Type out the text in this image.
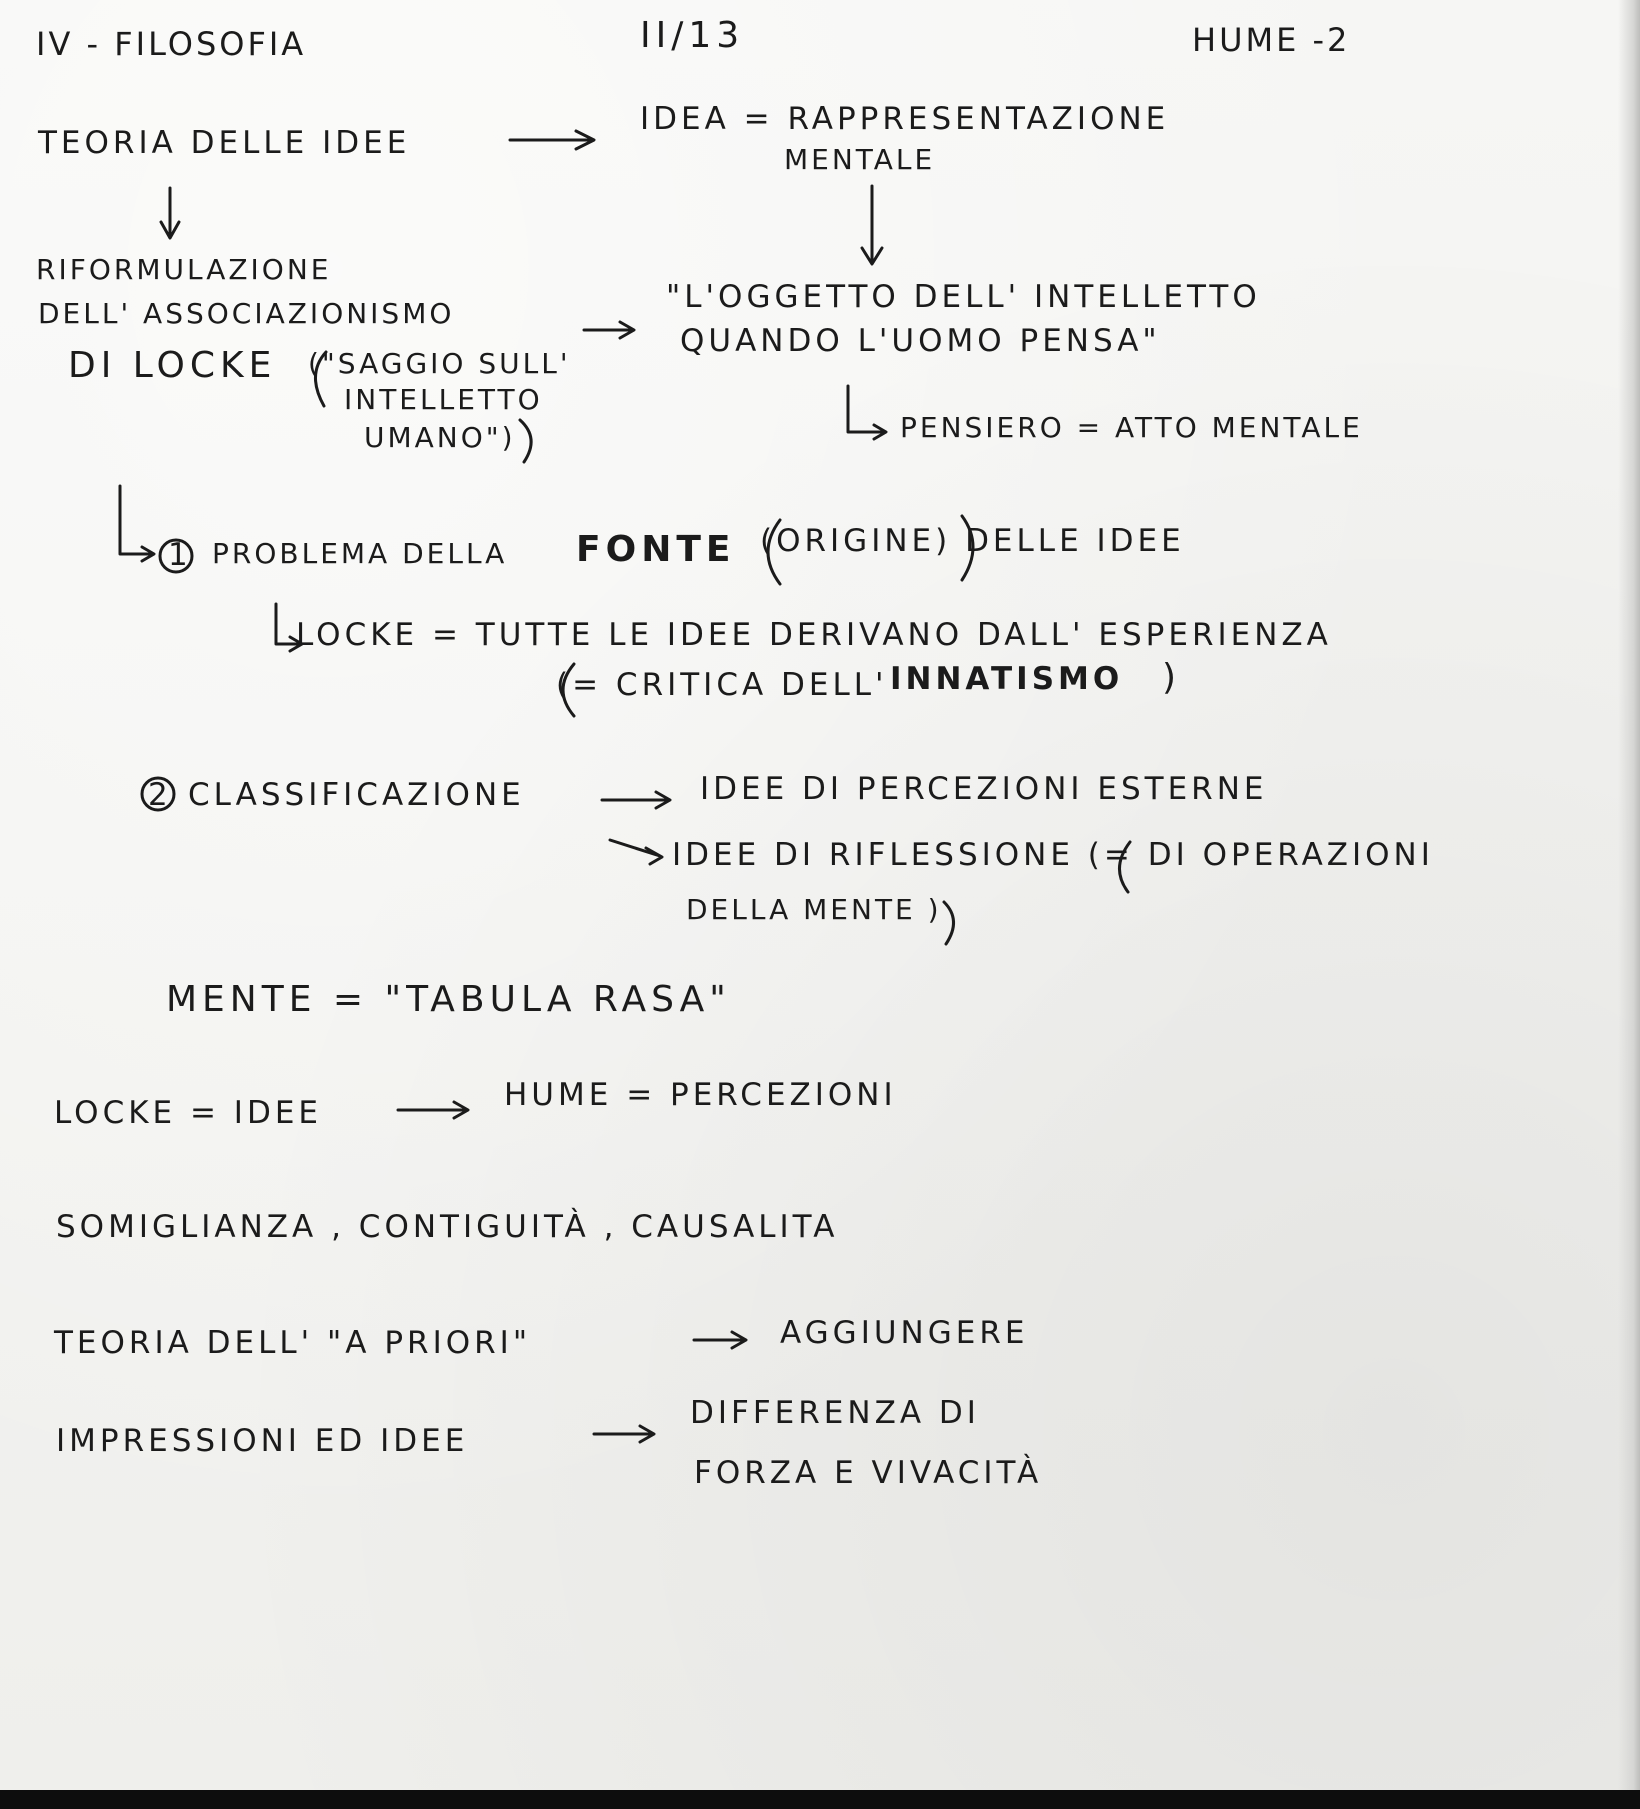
IV - FILOSOFIA	II/13	HUME -2
TEORIA DELLE IDEE
IDEA = RAPPRESENTAZIONE
MENTALE
RIFORMULAZIONE
DELL' ASSOCIAZIONISMO
DI LOCKE ("SAGGIO SULL'
INTELLETTO
UMANO")
"L'OGGETTO DELL' INTELLETTO
QUANDO L'UOMO PENSA"
PENSIERO = ATTO MENTALE
1 PROBLEMA DELLA FONTE (ORIGINE) DELLE IDEE
LOCKE = TUTTE LE IDEE DERIVANO DALL' ESPERIENZA
(= CRITICA DELL' INNATISMO )
2 CLASSIFICAZIONE	IDEE DI PERCEZIONI ESTERNE
IDEE DI RIFLESSIONE (= DI OPERAZIONI
DELLA MENTE )
MENTE = "TABULA RASA"
LOCKE = IDEE	HUME = PERCEZIONI
SOMIGLIANZA , CONTIGUITÀ , CAUSALITA
TEORIA DELL' "A PRIORI"	AGGIUNGERE
IMPRESSIONI ED IDEE
DIFFERENZA DI
FORZA E VIVACITÀ
